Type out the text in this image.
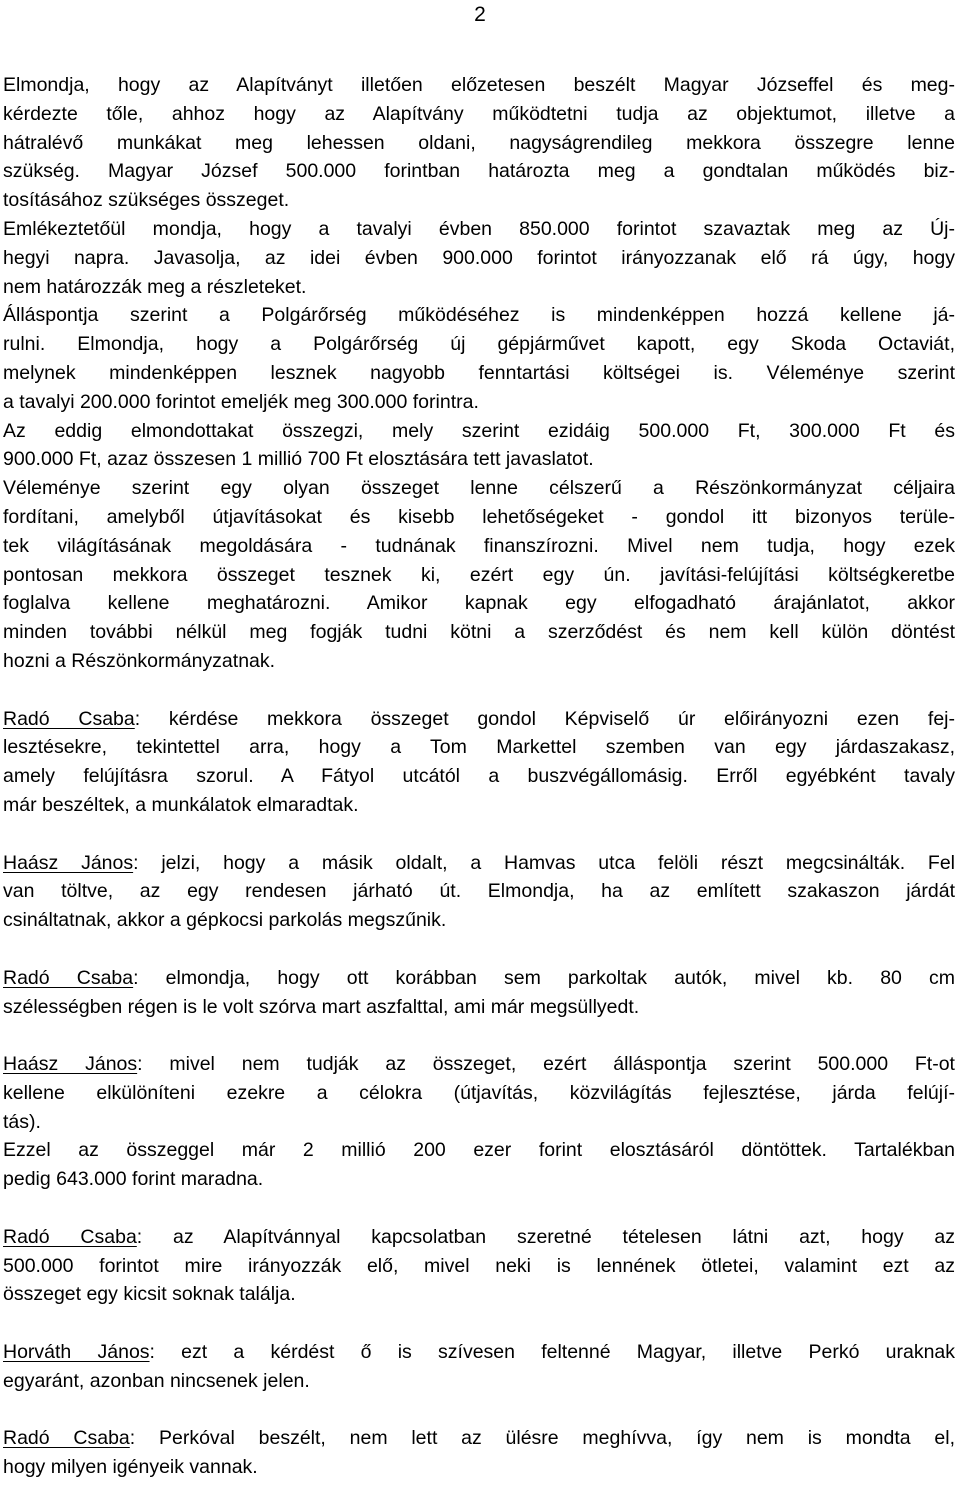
2
Elmondja, hogy az Alapítványt illetően előzetesen beszélt Magyar Józseffel és meg-
kérdezte tőle, ahhoz hogy az Alapítvány működtetni tudja az objektumot, illetve a
hátralévő munkákat meg lehessen oldani, nagyságrendileg mekkora összegre lenne
szükség. Magyar József 500.000 forintban határozta meg a gondtalan működés biz-
tosításához szükséges összeget.
Emlékeztetőül mondja, hogy a tavalyi évben 850.000 forintot szavaztak meg az Új-
hegyi napra. Javasolja, az idei évben 900.000 forintot irányozzanak elő rá úgy, hogy
nem határozzák meg a részleteket.
Álláspontja szerint a Polgárőrség működéséhez is mindenképpen hozzá kellene já-
rulni. Elmondja, hogy a Polgárőrség új gépjárművet kapott, egy Skoda Octaviát,
melynek mindenképpen lesznek nagyobb fenntartási költségei is. Véleménye szerint
a tavalyi 200.000 forintot emeljék meg 300.000 forintra.
Az eddig elmondottakat összegzi, mely szerint ezidáig 500.000 Ft, 300.000 Ft és
900.000 Ft, azaz összesen 1 millió 700 Ft elosztására tett javaslatot.
Véleménye szerint egy olyan összeget lenne célszerű a Részönkormányzat céljaira
fordítani, amelyből útjavításokat és kisebb lehetőségeket - gondol itt bizonyos terüle-
tek világításának megoldására - tudnának finanszírozni. Mivel nem tudja, hogy ezek
pontosan mekkora összeget tesznek ki, ezért egy ún. javítási-felújítási költségkeretbe
foglalva kellene meghatározni. Amikor kapnak egy elfogadható árajánlatot, akkor
minden további nélkül meg fogják tudni kötni a szerződést és nem kell külön döntést
hozni a Részönkormányzatnak.
Radó Csaba: kérdése mekkora összeget gondol Képviselő úr előirányozni ezen fej-
lesztésekre, tekintettel arra, hogy a Tom Markettel szemben van egy járdaszakasz,
amely felújításra szorul. A Fátyol utcától a buszvégállomásig. Erről egyébként tavaly
már beszéltek, a munkálatok elmaradtak.
Haász János: jelzi, hogy a másik oldalt, a Hamvas utca felöli részt megcsinálták. Fel
van töltve, az egy rendesen járható út. Elmondja, ha az említett szakaszon járdát
csináltatnak, akkor a gépkocsi parkolás megszűnik.
Radó Csaba: elmondja, hogy ott korábban sem parkoltak autók, mivel kb. 80 cm
szélességben régen is le volt szórva mart aszfalttal, ami már megsüllyedt.
Haász János: mivel nem tudják az összeget, ezért álláspontja szerint 500.000 Ft-ot
kellene elkülöníteni ezekre a célokra (útjavítás, közvilágítás fejlesztése, járda felújí-
tás).
Ezzel az összeggel már 2 millió 200 ezer forint elosztásáról döntöttek. Tartalékban
pedig 643.000 forint maradna.
Radó Csaba: az Alapítvánnyal kapcsolatban szeretné tételesen látni azt, hogy az
500.000 forintot mire irányozzák elő, mivel neki is lennének ötletei, valamint ezt az
összeget egy kicsit soknak találja.
Horváth János: ezt a kérdést ő is szívesen feltenné Magyar, illetve Perkó uraknak
egyaránt, azonban nincsenek jelen.
Radó Csaba: Perkóval beszélt, nem lett az ülésre meghívva, így nem is mondta el,
hogy milyen igényeik vannak.
